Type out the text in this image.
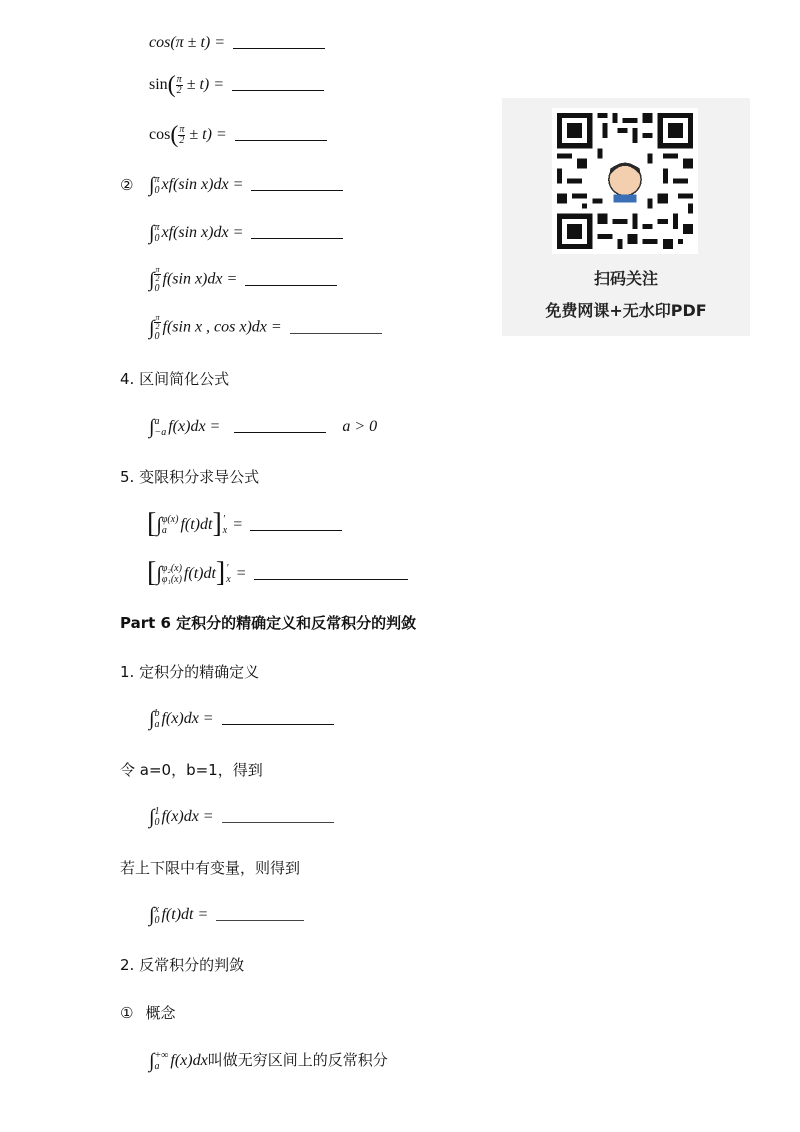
cos(π ± t) =
$\sin( \frac{\pi}{2} \pm t)$ =
$\cos( \frac{\pi}{2} \pm t)$ =
② ∫ π
0 xf(sin x)dx =
∫ π
0 xf(sin x)dx =
∫ π
2
0
f(sin x)dx =
∫ π
2
0
f(sin x , cos x)dx =
扫码关注
免费网课+无水印PDF
4. 区间简化公式
∫ a
−a f(x)dx =	a > 0
5. 变限积分求导公式
[∫ φ(x)
a f(t)dt] ′
x =
[∫ φ₂(x)
φ₁(x) f(t)dt] ′
x =
Part 6 定积分的精确定义和反常积分的判敛
1. 定积分的精确定义
∫ b
a f(x)dx =
令 a=0，b=1，得到
∫ 1
0 f(x)dx =
若上下限中有变量，则得到
∫ x
0 f(t)dt =
2. 反常积分的判敛
① 概念
∫ +∞
a f(x)dx叫做无穷区间上的反常积分
